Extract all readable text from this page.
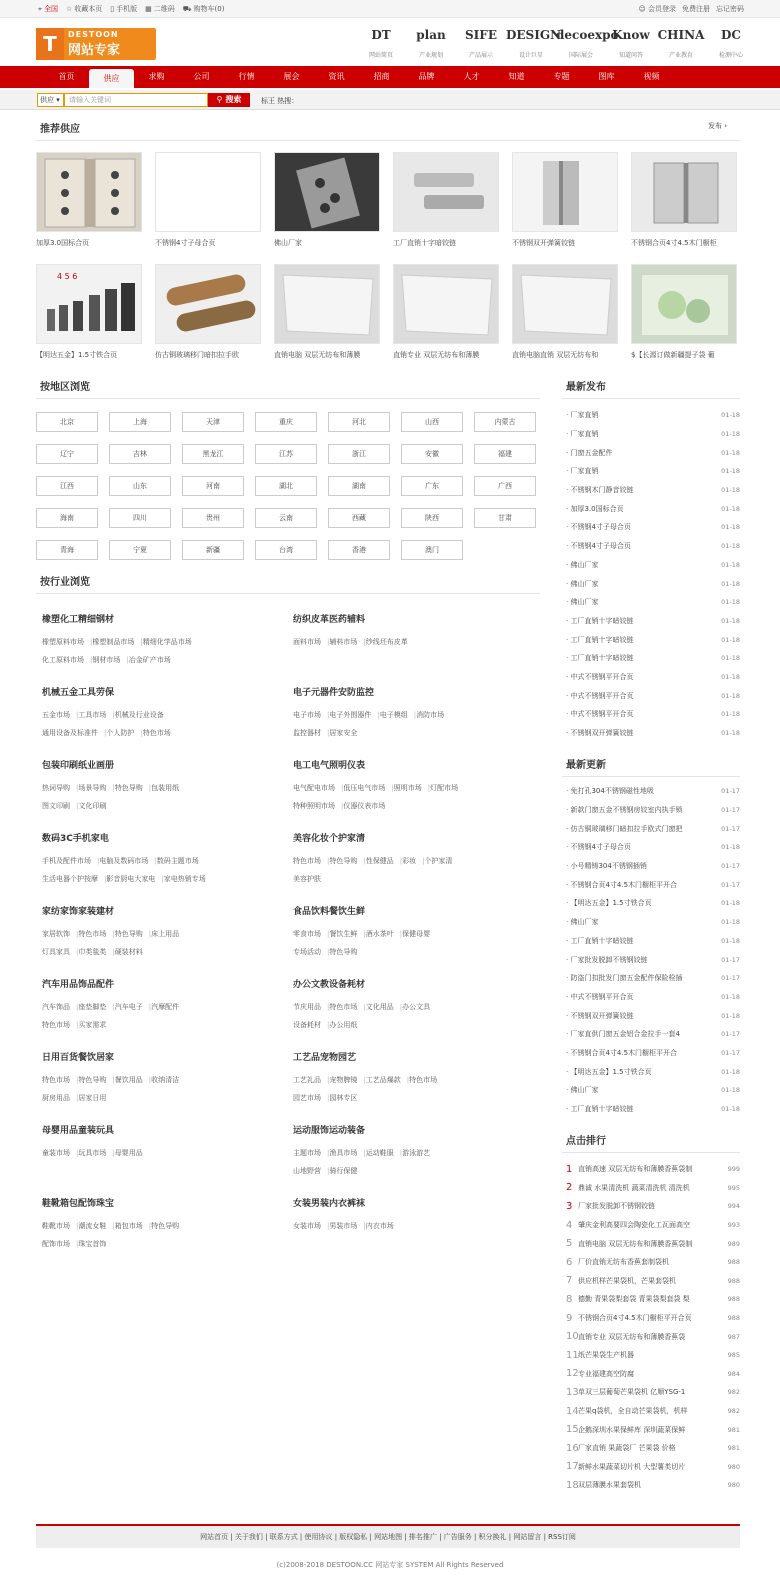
⌖ 全国 ☆ 收藏本页 ▯ 手机版 ▦ 二维码 ⛟ 购物车(0)	☺ 会员登录 免费注册 忘记密码
T	DESTOON
网站专家
DT
网站简页
plan
产业规划
SIFE
产品展示
DESIGN
设计巨星
decoexpo
国际展会
Know
知道问答
CHINA
产业教育
DC
检测中心
首页	供应	求购	公司	行情	展会	资讯	招商	品牌	人才	知道	专题	图库	视频
供应 ▾	请输入关键词	⚲ 搜索	标王 热搜：
推荐供应	发布 ›
加厚3.0国标合页	不锈钢4寸子母合页	佛山厂家	工厂直销十字暗铰链	不锈钢双开弹簧铰链	不锈钢合页4寸4.5木门橱柜
4 5 6
【明达五金】1.5寸铁合页	仿古铜玻璃移门暗扣拉手欧	直销电脑 双层无纺布和薄膜	直销专业 双层无纺布和薄膜	直销电脑直销 双层无纺布和	$【长源订做新疆提子袋 葡
按地区浏览
北京	上海	天津	重庆	河北	山西	内蒙古
辽宁	吉林	黑龙江	江苏	浙江	安徽	福建
江西	山东	河南	湖北	湖南	广东	广西
海南	四川	贵州	云南	西藏	陕西	甘肃
青海	宁夏	新疆	台湾	香港	澳门
按行业浏览
橡塑化工精细钢材
橡塑原料市场 |橡塑制品市场 |精细化学品市场
化工原料市场 |钢材市场 |冶金矿产市场
纺织皮革医药辅料
面料市场 |辅料市场 |纱线坯布皮革
机械五金工具劳保
五金市场 |工具市场 |机械及行业设备
通用设备及标准件 |个人防护 |特色市场
电子元器件安防监控
电子市场 |电子外围器件 |电子模组 |消防市场
监控器材 |居家安全
包装印刷纸业画册
热词导购 |场景导购 |特色导购 |包装用纸
图文印刷 |文化印刷
电工电气照明仪表
电气配电市场 |低压电气市场 |照明市场 |灯配市场
特种照明市场 |仪器仪表市场
数码3C手机家电
手机及配件市场 |电脑及数码市场 |数码主题市场
生活电器个护按摩 |影音厨电大家电 |家电热销专场
美容化妆个护家清
特色市场 |特色导购 |性保健品 |彩妆 |个护家清
美容护肤
家纺家饰家装建材
家居软饰 |特色市场 |特色导购 |床上用品
灯具家具 |巾类毯类 |硬装材料
食品饮料餐饮生鲜
零食市场 |餐饮生鲜 |酒水茶叶 |保健母婴
专场活动 |特色导购
汽车用品饰品配件
汽车饰品 |座垫脚垫 |汽车电子 |汽摩配件
特色市场 |买家需求
办公文教设备耗材
节庆用品 |特色市场 |文化用品 |办公文具
设备耗材 |办公用纸
日用百货餐饮居家
特色市场 |特色导购 |餐饮用品 |收纳清洁
厨房用品 |居家日用
工艺品宠物园艺
工艺礼品 |宠物脾镜 |工艺品爆款 |特色市场
园艺市场 |园林专区
母婴用品童装玩具
童装市场 |玩具市场 |母婴用品
运动服饰运动装备
主题市场 |渔具市场 |运动鞋服 |游泳游艺
山地野营 |骑行保健
鞋靴箱包配饰珠宝
鞋靴市场 |潮流女鞋 |箱包市场 |特色导购
配饰市场 |珠宝首饰
女装男装内衣裤袜
女装市场 |男装市场 |内衣市场
最新发布
· 厂家直销	01-18
· 厂家直销	01-18
· 门窗五金配件	01-18
· 厂家直销	01-18
· 不锈钢木门静音铰链	01-18
· 加厚3.0国标合页	01-18
· 不锈钢4寸子母合页	01-18
· 不锈钢4寸子母合页	01-18
· 佛山厂家	01-18
· 佛山厂家	01-18
· 佛山厂家	01-18
· 工厂直销十字暗铰链	01-18
· 工厂直销十字暗铰链	01-18
· 工厂直销十字暗铰链	01-18
· 中式不锈钢平开合页	01-18
· 中式不锈钢平开合页	01-18
· 中式不锈钢平开合页	01-18
· 不锈钢双开弹簧铰链	01-18
最新更新
· 免打孔304不锈钢磁性地吸	01-17
· 新款门窗五金不锈钢房铰室内执手锁	01-17
· 仿古铜玻璃移门暗扣拉手欧式门窗把	01-17
· 不锈钢4寸子母合页	01-18
· 小号精铸304不锈钢插销	01-17
· 不锈钢合页4寸4.5木门橱柜平开合	01-17
· 【明达五金】1.5寸铁合页	01-18
· 佛山厂家	01-18
· 工厂直销十字暗铰链	01-18
· 厂家批发脱卸不锈钢铰链	01-17
· 防盗门扣批发门窗五金配件保险栓插	01-17
· 中式不锈钢平开合页	01-18
· 不锈钢双开弹簧铰链	01-18
· 厂家直供门窗五金铝合金拉手一套4	01-17
· 不锈钢合页4寸4.5木门橱柜平开合	01-17
· 【明达五金】1.5寸铁合页	01-18
· 佛山厂家	01-18
· 工厂直销十字暗铰链	01-18
点击排行
1 直销高速 双层无纺布和薄膜香蕉袋制	999
2 鼎诚 水果清洗机 蔬菜清洗机 清洗机	995
3 厂家批发脱卸不锈钢铰链	994
4 肇庆金利高要四会陶瓷化工瓦面高空	993
5 直销电脑 双层无纺布和薄膜香蕉袋制	989
6 厂价直销无纺布香蕉套制袋机	988
7 供应机样芒果袋机，芒果套袋机	988
8 德勤 青果袋梨套袋 青果袋梨套袋 梨	988
9 不锈钢合页4寸4.5木门橱柜平开合页	988
10 直销专业 双层无纺布和薄膜香蕉袋	987
11 纸芒果袋生产机器	985
12 专业福建高空防腐	984
13 单双三层葡萄芒果袋机 亿顺YSG-1	982
14 芒果q袋机，全自动芒果袋机，机样	982
15 企鹅深圳水果保鲜库 深圳蔬菜保鲜	981
16 厂家直销 果蔬袋厂 芒果袋 价格	981
17 新鲜水果蔬菜切片机 大型薯类切片	980
18 双层薄膜水果套袋机	980
网站首页 | 关于我们 | 联系方式 | 使用协议 | 版权隐私 | 网站地图 | 排名推广 | 广告服务 | 积分换礼 | 网站留言 | RSS订阅
(c)2008-2018 DESTOON.CC 网站专家 SYSTEM All Rights Reserved
